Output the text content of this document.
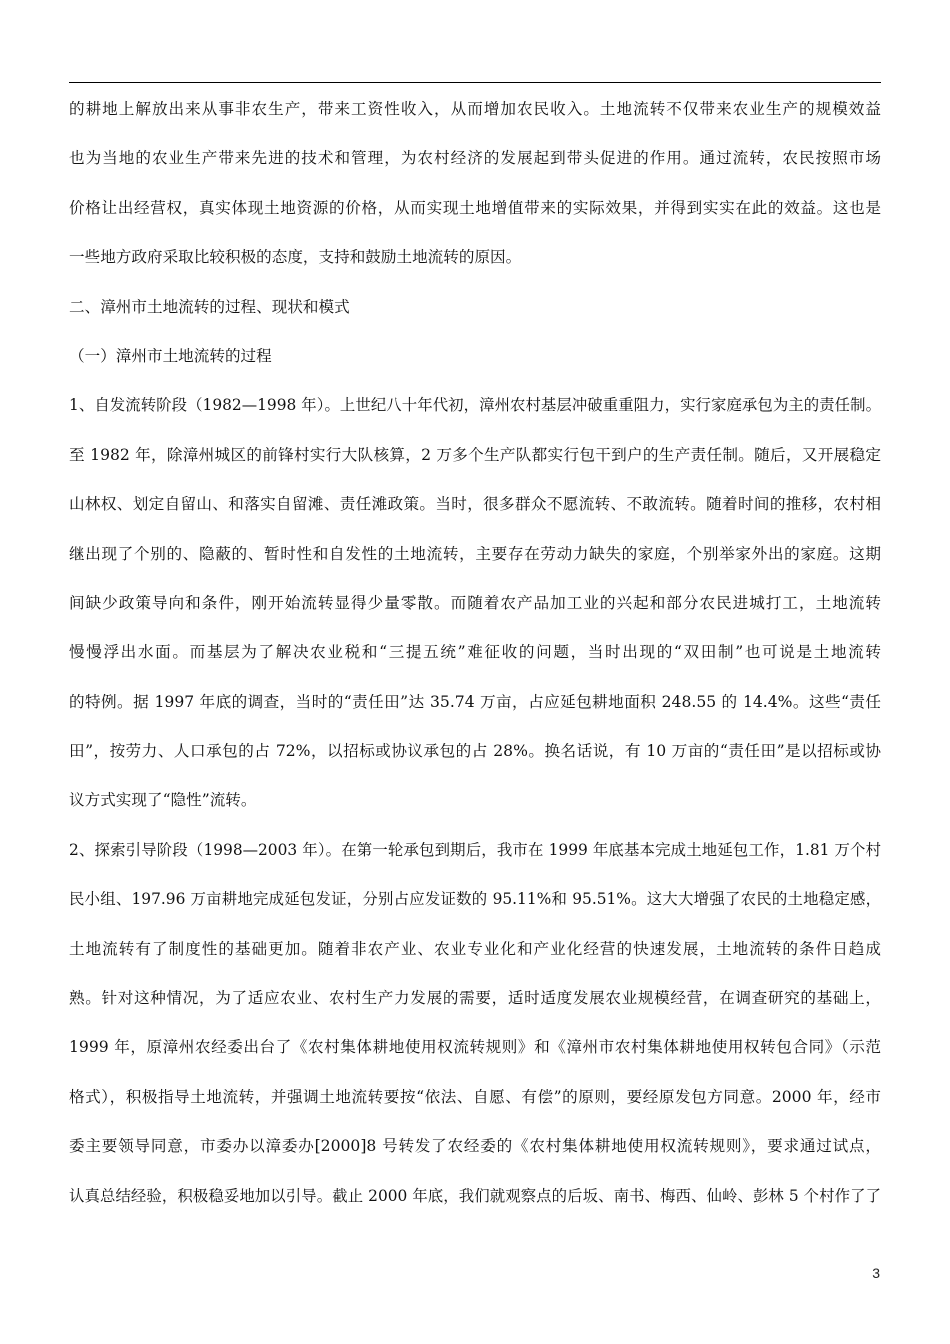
的耕地上解放出来从事非农生产，带来工资性收入，从而增加农民收入。土地流转不仅带来农业生产的规模效益
也为当地的农业生产带来先进的技术和管理，为农村经济的发展起到带头促进的作用。通过流转，农民按照市场
价格让出经营权，真实体现土地资源的价格，从而实现土地增值带来的实际效果，并得到实实在此的效益。这也是
一些地方政府采取比较积极的态度，支持和鼓励土地流转的原因。
二、漳州市土地流转的过程、现状和模式
（一）漳州市土地流转的过程
1、自发流转阶段（1982—1998 年）。上世纪八十年代初，漳州农村基层冲破重重阻力，实行家庭承包为主的责任制。
至 1982 年，除漳州城区的前锋村实行大队核算，2 万多个生产队都实行包干到户的生产责任制。随后，又开展稳定
山林权、划定自留山、和落实自留滩、责任滩政策。当时，很多群众不愿流转、不敢流转。随着时间的推移，农村相
继出现了个别的、隐蔽的、暂时性和自发性的土地流转，主要存在劳动力缺失的家庭，个别举家外出的家庭。这期
间缺少政策导向和条件，刚开始流转显得少量零散。而随着农产品加工业的兴起和部分农民进城打工，土地流转
慢慢浮出水面。而基层为了解决农业税和“三提五统”难征收的问题，当时出现的“双田制”也可说是土地流转
的特例。据 1997 年底的调查，当时的“责任田”达 35.74 万亩，占应延包耕地面积 248.55 的 14.4%。这些“责任
田”，按劳力、人口承包的占 72%，以招标或协议承包的占 28%。换名话说，有 10 万亩的“责任田”是以招标或协
议方式实现了“隐性”流转。
2、探索引导阶段（1998—2003 年）。在第一轮承包到期后，我市在 1999 年底基本完成土地延包工作，1.81 万个村
民小组、197.96 万亩耕地完成延包发证，分别占应发证数的 95.11%和 95.51%。这大大增强了农民的土地稳定感，
土地流转有了制度性的基础更加。随着非农产业、农业专业化和产业化经营的快速发展，土地流转的条件日趋成
熟。针对这种情况，为了适应农业、农村生产力发展的需要，适时适度发展农业规模经营，在调查研究的基础上，
1999 年，原漳州农经委出台了《农村集体耕地使用权流转规则》和《漳州市农村集体耕地使用权转包合同》（示范
格式），积极指导土地流转，并强调土地流转要按“依法、自愿、有偿”的原则，要经原发包方同意。2000 年，经市
委主要领导同意，市委办以漳委办[2000]8 号转发了农经委的《农村集体耕地使用权流转规则》，要求通过试点，
认真总结经验，积极稳妥地加以引导。截止 2000 年底，我们就观察点的后坂、南书、梅西、仙岭、彭林 5 个村作了了
3
